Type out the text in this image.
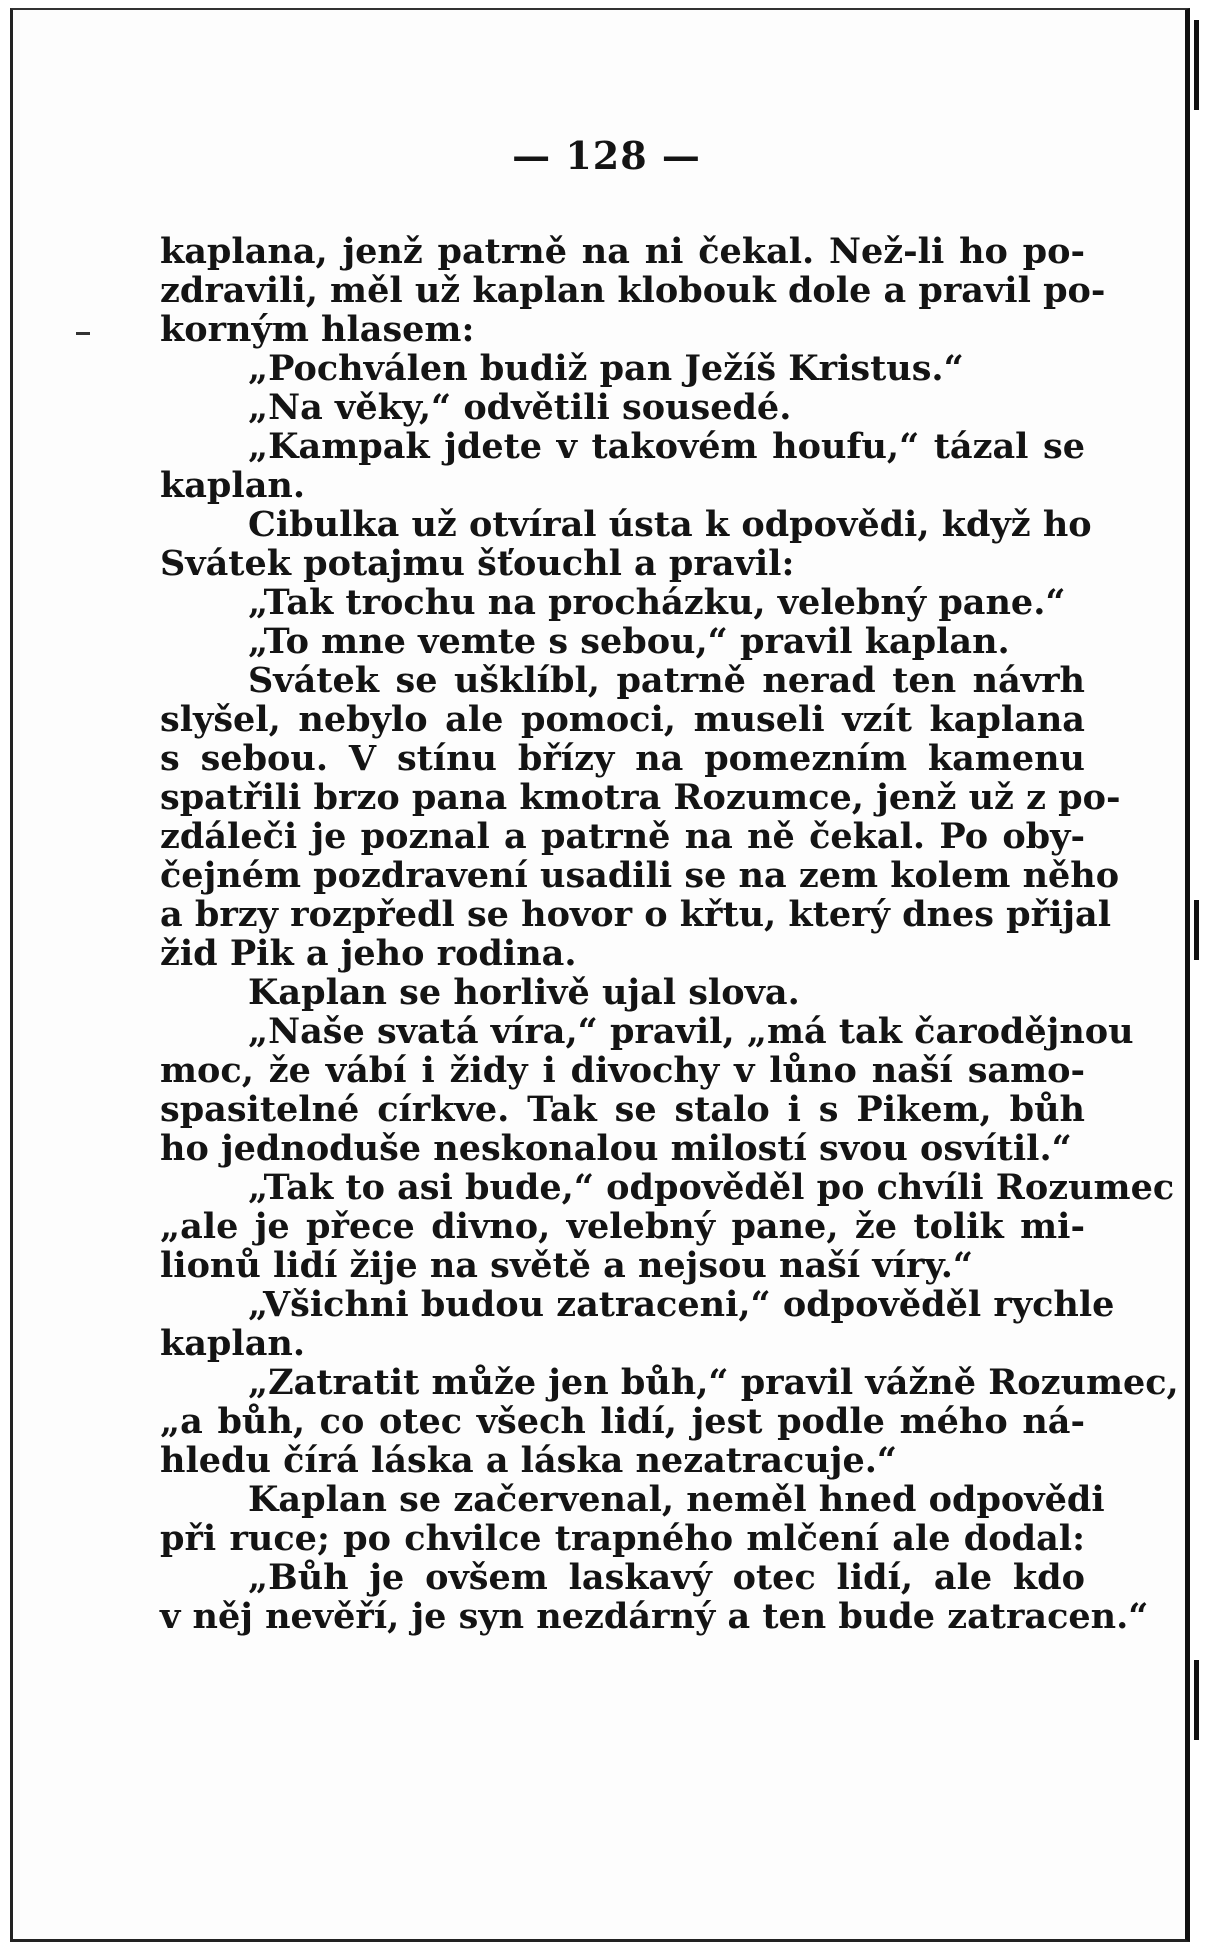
— 128 —
kaplana, jenž patrně na ni čekal. Než-li ho po-
zdravili, měl už kaplan klobouk dole a pravil po-
korným hlasem:
„Pochválen budiž pan Ježíš Kristus.“
„Na věky,“ odvětili sousedé.
„Kampak jdete v takovém houfu,“ tázal se
kaplan.
Cibulka už otvíral ústa k odpovědi, když ho
Svátek potajmu šťouchl a pravil:
„Tak trochu na procházku, velebný pane.“
„To mne vemte s sebou,“ pravil kaplan.
Svátek se ušklíbl, patrně nerad ten návrh
slyšel, nebylo ale pomoci, museli vzít kaplana
s sebou. V stínu břízy na pomezním kamenu
spatřili brzo pana kmotra Rozumce, jenž už z po-
zdáleči je poznal a patrně na ně čekal. Po oby-
čejném pozdravení usadili se na zem kolem něho
a brzy rozpředl se hovor o křtu, který dnes přijal
žid Pik a jeho rodina.
Kaplan se horlivě ujal slova.
„Naše svatá víra,“ pravil, „má tak čarodějnou
moc, že vábí i židy i divochy v lůno naší samo-
spasitelné církve. Tak se stalo i s Pikem, bůh
ho jednoduše neskonalou milostí svou osvítil.“
„Tak to asi bude,“ odpověděl po chvíli Rozumec
„ale je přece divno, velebný pane, že tolik mi-
lionů lidí žije na světě a nejsou naší víry.“
„Všichni budou zatraceni,“ odpověděl rychle
kaplan.
„Zatratit může jen bůh,“ pravil vážně Rozumec,
„a bůh, co otec všech lidí, jest podle mého ná-
hledu čírá láska a láska nezatracuje.“
Kaplan se začervenal, neměl hned odpovědi
při ruce; po chvilce trapného mlčení ale dodal:
„Bůh je ovšem laskavý otec lidí, ale kdo
v něj nevěří, je syn nezdárný a ten bude zatracen.“
